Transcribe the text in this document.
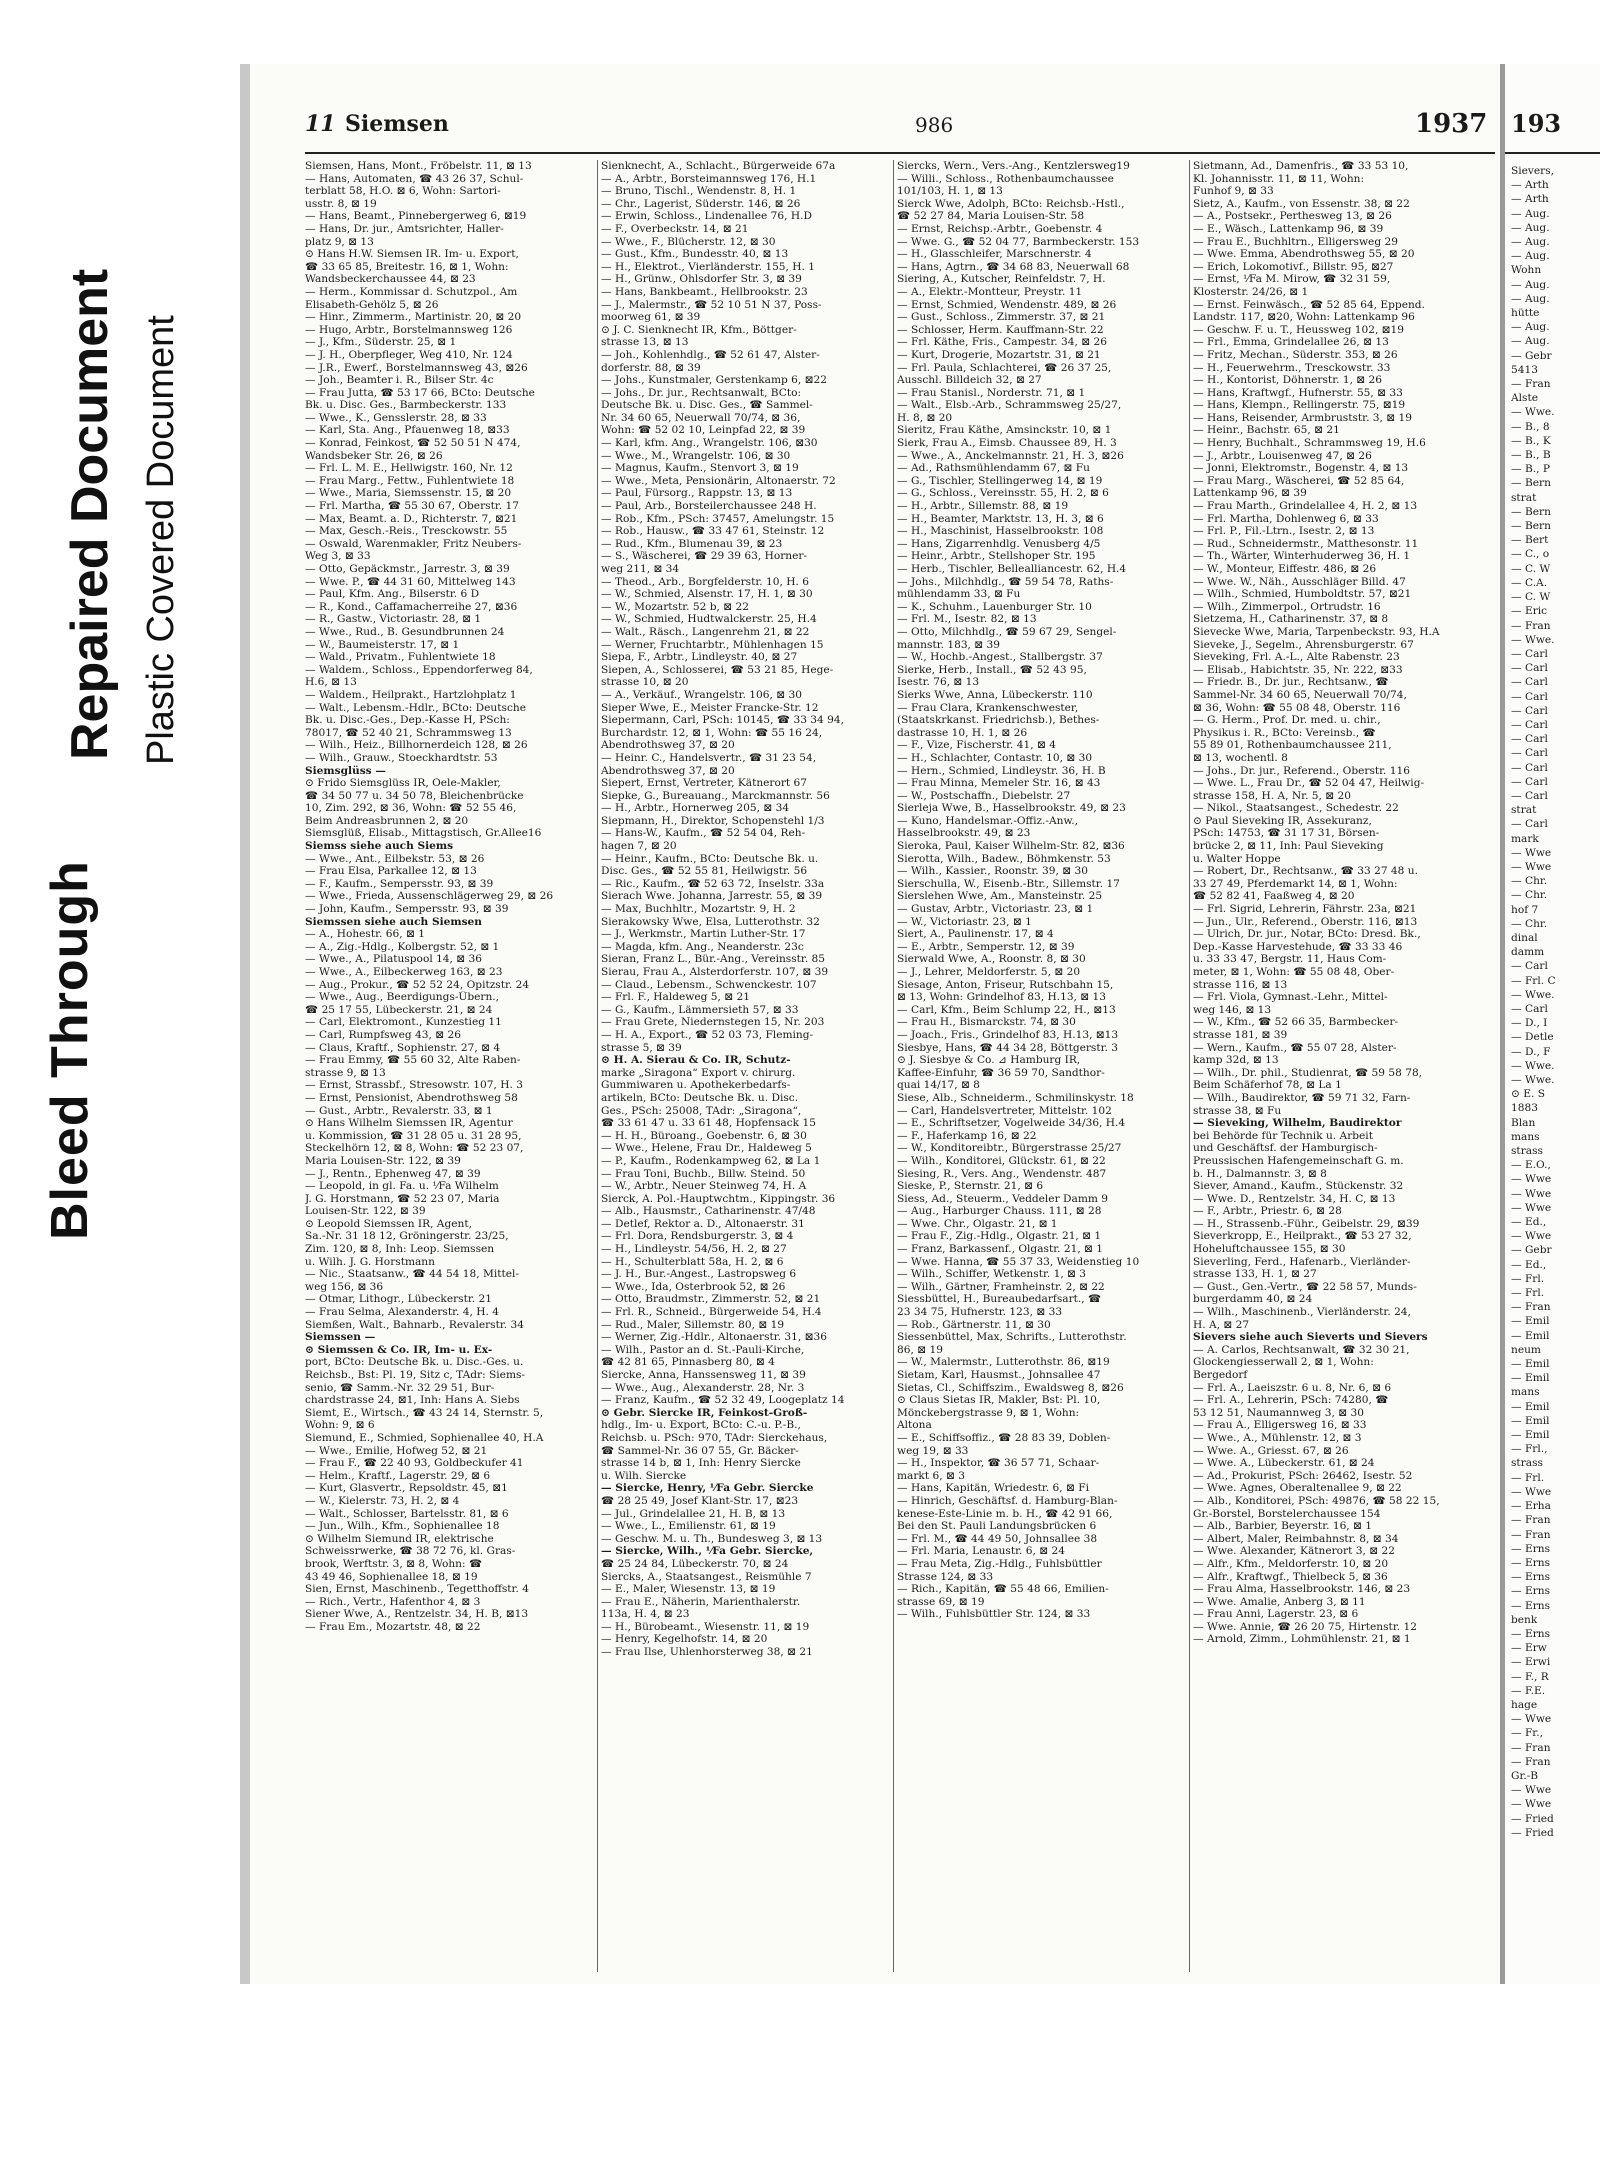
Bleed Through
Repaired Document Plastic Covered Document
11 Siemsen	986	1937
Siemsen, Hans, Mont., Fröbelstr. 11, ⊠ 13
— Hans, Automaten, ☎ 43 26 37, Schul-
terblatt 58, H.O. ⊠ 6, Wohn: Sartori-
usstr. 8, ⊠ 19
— Hans, Beamt., Pinnebergerweg 6, ⊠19
— Hans, Dr. jur., Amtsrichter, Haller-
platz 9, ⊠ 13
⊙ Hans H.W. Siemsen IR. Im- u. Export,
☎ 33 65 85, Breitestr. 16, ⊠ 1, Wohn:
Wandsbeckerchaussee 44, ⊠ 23
— Herm., Kommissar d. Schutzpol., Am
Elisabeth-Gehölz 5, ⊠ 26
— Hinr., Zimmerm., Martinistr. 20, ⊠ 20
— Hugo, Arbtr., Borstelmannsweg 126
— J., Kfm., Süderstr. 25, ⊠ 1
— J. H., Oberpfleger, Weg 410, Nr. 124
— J.R., Ewerf., Borstelmannsweg 43, ⊠26
— Joh., Beamter i. R., Bilser Str. 4c
— Frau Jutta, ☎ 53 17 66, BCto: Deutsche
Bk. u. Disc. Ges., Barmbeckerstr. 133
— Wwe., K., Gensslerstr. 28, ⊠ 33
— Karl, Sta. Ang., Pfauenweg 18, ⊠33
— Konrad, Feinkost, ☎ 52 50 51 N 474,
Wandsbeker Str. 26, ⊠ 26
— Frl. L. M. E., Hellwigstr. 160, Nr. 12
— Frau Marg., Fettw., Fuhlentwiete 18
— Wwe., Maria, Siemssenstr. 15, ⊠ 20
— Frl. Martha, ☎ 55 30 67, Oberstr. 17
— Max, Beamt. a. D., Richterstr. 7, ⊠21
— Max, Gesch.-Reis., Tresckowstr. 55
— Oswald, Warenmakler, Fritz Neubers-
Weg 3, ⊠ 33
— Otto, Gepäckmstr., Jarrestr. 3, ⊠ 39
— Wwe. P., ☎ 44 31 60, Mittelweg 143
— Paul, Kfm. Ang., Bilserstr. 6 D
— R., Kond., Caffamacherreihe 27, ⊠36
— R., Gastw., Victoriastr. 28, ⊠ 1
— Wwe., Rud., B. Gesundbrunnen 24
— W., Baumeisterstr. 17, ⊠ 1
— Wald., Privatm., Fuhlentwiete 18
— Waldem., Schloss., Eppendorferweg 84,
H.6, ⊠ 13
— Waldem., Heilprakt., Hartzlohplatz 1
— Walt., Lebensm.-Hdlr., BCto: Deutsche
Bk. u. Disc.-Ges., Dep.-Kasse H, PSch:
78017, ☎ 52 40 21, Schrammsweg 13
— Wilh., Heiz., Billhornerdeich 128, ⊠ 26
— Wilh., Grauw., Stoeckhardtstr. 53
Siemsglüss —
⊙ Frido Siemsglüss IR, Oele-Makler,
☎ 34 50 77 u. 34 50 78, Bleichenbrücke
10, Zim. 292, ⊠ 36, Wohn: ☎ 52 55 46,
Beim Andreasbrunnen 2, ⊠ 20
Siemsglüß, Elisab., Mittagstisch, Gr.Allee16
Siemss siehe auch Siems
— Wwe., Ant., Eilbekstr. 53, ⊠ 26
— Frau Elsa, Parkallee 12, ⊠ 13
— F., Kaufm., Sempersstr. 93, ⊠ 39
— Wwe., Frieda, Aussenschlägerweg 29, ⊠ 26
— John, Kaufm., Sempersstr. 93, ⊠ 39
Siemssen siehe auch Siemsen
— A., Hohestr. 66, ⊠ 1
— A., Zig.-Hdlg., Kolbergstr. 52, ⊠ 1
— Wwe., A., Pilatuspool 14, ⊠ 36
— Wwe., A., Eilbeckerweg 163, ⊠ 23
— Aug., Prokur., ☎ 52 52 24, Opitzstr. 24
— Wwe., Aug., Beerdigungs-Übern.,
☎ 25 17 55, Lübeckerstr. 21, ⊠ 24
— Carl, Elektromont., Kunzestieg 11
— Carl, Rumpfsweg 43, ⊠ 26
— Claus, Kraftf., Sophienstr. 27, ⊠ 4
— Frau Emmy, ☎ 55 60 32, Alte Raben-
strasse 9, ⊠ 13
— Ernst, Strassbf., Stresowstr. 107, H. 3
— Ernst, Pensionist, Abendrothsweg 58
— Gust., Arbtr., Revalerstr. 33, ⊠ 1
⊙ Hans Wilhelm Siemssen IR, Agentur
u. Kommission, ☎ 31 28 05 u. 31 28 95,
Steckelhörn 12, ⊠ 8, Wohn: ☎ 52 23 07,
Maria Louisen-Str. 122, ⊠ 39
— J., Rentn., Ephenweg 47, ⊠ 39
— Leopold, in gl. Fa. u. ⅟Fa Wilhelm
J. G. Horstmann, ☎ 52 23 07, Maria
Louisen-Str. 122, ⊠ 39
⊙ Leopold Siemssen IR, Agent,
Sa.-Nr. 31 18 12, Gröningerstr. 23/25,
Zim. 120, ⊠ 8, Inh: Leop. Siemssen
u. Wilh. J. G. Horstmann
— Nic., Staatsanw., ☎ 44 54 18, Mittel-
weg 156, ⊠ 36
— Otmar, Lithogr., Lübeckerstr. 21
— Frau Selma, Alexanderstr. 4, H. 4
Siemßen, Walt., Bahnarb., Revalerstr. 34
Siemssen —
⊙ Siemssen & Co. IR, Im- u. Ex-
port, BCto: Deutsche Bk. u. Disc.-Ges. u.
Reichsb., Bst: Pl. 19, Sitz c, TAdr: Siems-
senio, ☎ Samm.-Nr. 32 29 51, Bur-
chardstrasse 24, ⊠1, Inh: Hans A. Siebs
Siemt, E., Wirtsch., ☎ 43 24 14, Sternstr. 5,
Wohn: 9, ⊠ 6
Siemund, E., Schmied, Sophienallee 40, H.A
— Wwe., Emilie, Hofweg 52, ⊠ 21
— Frau F., ☎ 22 40 93, Goldbeckufer 41
— Helm., Kraftf., Lagerstr. 29, ⊠ 6
— Kurt, Glasvertr., Repsoldstr. 45, ⊠1
— W., Kielerstr. 73, H. 2, ⊠ 4
— Walt., Schlosser, Bartelsstr. 81, ⊠ 6
— Jun., Wilh., Kfm., Sophienallee 18
⊙ Wilhelm Siemund IR, elektrische
Schweissrwerke, ☎ 38 72 76, kl. Gras-
brook, Werftstr. 3, ⊠ 8, Wohn: ☎
43 49 46, Sophienallee 18, ⊠ 19
Sien, Ernst, Maschinenb., Tegetthoffstr. 4
— Rich., Vertr., Hafenthor 4, ⊠ 3
Siener Wwe, A., Rentzelstr. 34, H. B, ⊠13
— Frau Em., Mozartstr. 48, ⊠ 22
Sienknecht, A., Schlacht., Bürgerweide 67a
— A., Arbtr., Borsteimannsweg 176, H.1
— Bruno, Tischl., Wendenstr. 8, H. 1
— Chr., Lagerist, Süderstr. 146, ⊠ 26
— Erwin, Schloss., Lindenallee 76, H.D
— F., Overbeckstr. 14, ⊠ 21
— Wwe., F., Blücherstr. 12, ⊠ 30
— Gust., Kfm., Bundesstr. 40, ⊠ 13
— H., Elektrot., Vierländerstr. 155, H. 1
— H., Grünw., Ohlsdorfer Str. 3, ⊠ 39
— Hans, Bankbeamt., Hellbrookstr. 23
— J., Malermstr., ☎ 52 10 51 N 37, Poss-
moorweg 61, ⊠ 39
⊙ J. C. Sienknecht IR, Kfm., Böttger-
strasse 13, ⊠ 13
— Joh., Kohlenhdlg., ☎ 52 61 47, Alster-
dorferstr. 88, ⊠ 39
— Johs., Kunstmaler, Gerstenkamp 6, ⊠22
— Johs., Dr. jur., Rechtsanwalt, BCto:
Deutsche Bk. u. Disc. Ges., ☎ Sammel-
Nr. 34 60 65, Neuerwall 70/74, ⊠ 36,
Wohn: ☎ 52 02 10, Leinpfad 22, ⊠ 39
— Karl, kfm. Ang., Wrangelstr. 106, ⊠30
— Wwe., M., Wrangelstr. 106, ⊠ 30
— Magnus, Kaufm., Stenvort 3, ⊠ 19
— Wwe., Meta, Pensionärin, Altonaerstr. 72
— Paul, Fürsorg., Rappstr. 13, ⊠ 13
— Paul, Arb., Borsteilerchaussee 248 H.
— Rob., Kfm., PSch: 37457, Amelungstr. 15
— Rob., Hausw., ☎ 33 47 61, Steinstr. 12
— Rud., Kfm., Blumenau 39, ⊠ 23
— S., Wäscherei, ☎ 29 39 63, Horner-
weg 211, ⊠ 34
— Theod., Arb., Borgfelderstr. 10, H. 6
— W., Schmied, Alsenstr. 17, H. 1, ⊠ 30
— W., Mozartstr. 52 b, ⊠ 22
— W., Schmied, Hudtwalckerstr. 25, H.4
— Walt., Räsch., Langenrehm 21, ⊠ 22
— Werner, Fruchtarbtr., Mühlenhagen 15
Siepa, F., Arbtr., Lindleystr. 40, ⊠ 27
Siepen, A., Schlosserei, ☎ 53 21 85, Hege-
strasse 10, ⊠ 20
— A., Verkäuf., Wrangelstr. 106, ⊠ 30
Sieper Wwe, E., Meister Francke-Str. 12
Siepermann, Carl, PSch: 10145, ☎ 33 34 94,
Burchardstr. 12, ⊠ 1, Wohn: ☎ 55 16 24,
Abendrothsweg 37, ⊠ 20
— Heinr. C., Handelsvertr., ☎ 31 23 54,
Abendrothsweg 37, ⊠ 20
Siepert, Ernst, Vertreter, Kätnerort 67
Siepke, G., Bureauang., Marckmannstr. 56
— H., Arbtr., Hornerweg 205, ⊠ 34
Siepmann, H., Direktor, Schopenstehl 1/3
— Hans-W., Kaufm., ☎ 52 54 04, Reh-
hagen 7, ⊠ 20
— Heinr., Kaufm., BCto: Deutsche Bk. u.
Disc. Ges., ☎ 52 55 81, Heilwigstr. 56
— Ric., Kaufm., ☎ 52 63 72, Inselstr. 33a
Sierach Wwe. Johanna, Jarrestr. 55, ⊠ 39
— Max, Buchhltr., Mozartstr. 9, H. 2
Sierakowsky Wwe, Elsa, Lutterothstr. 32
— J., Werkmstr., Martin Luther-Str. 17
— Magda, kfm. Ang., Neanderstr. 23c
Sieran, Franz L., Bür.-Ang., Vereinsstr. 85
Sierau, Frau A., Alsterdorferstr. 107, ⊠ 39
— Claud., Lebensm., Schwenckestr. 107
— Frl. F., Haldeweg 5, ⊠ 21
— G., Kaufm., Lämmersieth 57, ⊠ 33
— Frau Grete, Niedernstegen 15, Nr. 203
— H. A., Export., ☎ 52 03 73, Fleming-
strasse 5, ⊠ 39
⊙ H. A. Sierau & Co. IR, Schutz-
marke „Siragona“ Export v. chirurg.
Gummiwaren u. Apothekerbedarfs-
artikeln, BCto: Deutsche Bk. u. Disc.
Ges., PSch: 25008, TAdr: „Siragona“,
☎ 33 61 47 u. 33 61 48, Hopfensack 15
— H. H., Büroang., Goebenstr. 6, ⊠ 30
— Wwe., Helene, Frau Dr., Haldeweg 5
— P., Kaufm., Rodenkampweg 62, ⊠ La 1
— Frau Toni, Buchb., Billw. Steind. 50
— W., Arbtr., Neuer Steinweg 74, H. A
Sierck, A. Pol.-Hauptwchtm., Kippingstr. 36
— Alb., Hausmstr., Catharinenstr. 47/48
— Detlef, Rektor a. D., Altonaerstr. 31
— Frl. Dora, Rendsburgerstr. 3, ⊠ 4
— H., Lindleystr. 54/56, H. 2, ⊠ 27
— H., Schulterblatt 58a, H. 2, ⊠ 6
— J. H., Bur.-Angest., Lastropsweg 6
— Wwe., Ida, Osterbrook 52, ⊠ 26
— Otto, Braudmstr., Zimmerstr. 52, ⊠ 21
— Frl. R., Schneid., Bürgerweide 54, H.4
— Rud., Maler, Sillemstr. 80, ⊠ 19
— Werner, Zig.-Hdlr., Altonaerstr. 31, ⊠36
— Wilh., Pastor an d. St.-Pauli-Kirche,
☎ 42 81 65, Pinnasberg 80, ⊠ 4
Siercke, Anna, Hanssensweg 11, ⊠ 39
— Wwe., Aug., Alexanderstr. 28, Nr. 3
— Franz, Kaufm., ☎ 52 32 49, Loogeplatz 14
⊙ Gebr. Siercke IR, Feinkost-Groß-
hdlg., Im- u. Export, BCto: C.-u. P.-B.,
Reichsb. u. PSch: 970, TAdr: Sierckehaus,
☎ Sammel-Nr. 36 07 55, Gr. Bäcker-
strasse 14 b, ⊠ 1, Inh: Henry Siercke
u. Wilh. Siercke
— Siercke, Henry, ⅟Fa Gebr. Siercke
☎ 28 25 49, Josef Klant-Str. 17, ⊠23
— Jul., Grindelallee 21, H. B, ⊠ 13
— Wwe., L., Emilienstr. 61, ⊠ 19
— Geschw. M. u. Th., Bundesweg 3, ⊠ 13
— Siercke, Wilh., ⅟Fa Gebr. Siercke,
☎ 25 24 84, Lübeckerstr. 70, ⊠ 24
Siercks, A., Staatsangest., Reismühle 7
— E., Maler, Wiesenstr. 13, ⊠ 19
— Frau E., Näherin, Marienthalerstr.
113a, H. 4, ⊠ 23
— H., Bürobeamt., Wiesenstr. 11, ⊠ 19
— Henry, Kegelhofstr. 14, ⊠ 20
— Frau Ilse, Uhlenhorsterweg 38, ⊠ 21
Siercks, Wern., Vers.-Ang., Kentzlersweg19
— Willi., Schloss., Rothenbaumchaussee
101/103, H. 1, ⊠ 13
Sierck Wwe, Adolph, BCto: Reichsb.-Hstl.,
☎ 52 27 84, Maria Louisen-Str. 58
— Ernst, Reichsp.-Arbtr., Goebenstr. 4
— Wwe. G., ☎ 52 04 77, Barmbeckerstr. 153
— H., Glasschleifer, Marschnerstr. 4
— Hans, Agtrn., ☎ 34 68 83, Neuerwall 68
Siering, A., Kutscher, Reinfeldstr. 7, H.
— A., Elektr.-Montteur, Preystr. 11
— Ernst, Schmied, Wendenstr. 489, ⊠ 26
— Gust., Schloss., Zimmerstr. 37, ⊠ 21
— Schlosser, Herm. Kauffmann-Str. 22
— Frl. Käthe, Fris., Campestr. 34, ⊠ 26
— Kurt, Drogerie, Mozartstr. 31, ⊠ 21
— Frl. Paula, Schlachterei, ☎ 26 37 25,
Ausschl. Billdeich 32, ⊠ 27
— Frau Stanisl., Norderstr. 71, ⊠ 1
— Walt., Elsb.-Arb., Schrammsweg 25/27,
H. 8, ⊠ 20
Sieritz, Frau Käthe, Amsinckstr. 10, ⊠ 1
Sierk, Frau A., Eimsb. Chaussee 89, H. 3
— Wwe., A., Anckelmannstr. 21, H. 3, ⊠26
— Ad., Rathsmühlendamm 67, ⊠ Fu
— G., Tischler, Stellingerweg 14, ⊠ 19
— G., Schloss., Vereinsstr. 55, H. 2, ⊠ 6
— H., Arbtr., Sillemstr. 88, ⊠ 19
— H., Beamter, Marktstr. 13, H. 3, ⊠ 6
— H., Maschinist, Hasselbrookstr. 108
— Hans, Zigarrenhdlg. Venusberg 4/5
— Heinr., Arbtr., Stellshoper Str. 195
— Herb., Tischler, Bellealliancestr. 62, H.4
— Johs., Milchhdlg., ☎ 59 54 78, Raths-
mühlendamm 33, ⊠ Fu
— K., Schuhm., Lauenburger Str. 10
— Frl. M., Isestr. 82, ⊠ 13
— Otto, Milchhdlg., ☎ 59 67 29, Sengel-
mannstr. 183, ⊠ 39
— W., Hochb.-Angest., Stallbergstr. 37
Sierke, Herb., Install., ☎ 52 43 95,
Isestr. 76, ⊠ 13
Sierks Wwe, Anna, Lübeckerstr. 110
— Frau Clara, Krankenschwester,
(Staatskrkanst. Friedrichsb.), Bethes-
dastrasse 10, H. 1, ⊠ 26
— F., Vize, Fischerstr. 41, ⊠ 4
— H., Schlachter, Contastr. 10, ⊠ 30
— Hern., Schmied, Lindleystr. 36, H. B
— Frau Minna, Memeler Str. 16, ⊠ 43
— W., Postschaffn., Diebelstr. 27
Sierleja Wwe, B., Hasselbrookstr. 49, ⊠ 23
— Kuno, Handelsmar.-Offiz.-Anw.,
Hasselbrookstr. 49, ⊠ 23
Sieroka, Paul, Kaiser Wilhelm-Str. 82, ⊠36
Sierotta, Wilh., Badew., Böhmkenstr. 53
— Wilh., Kassier., Roonstr. 39, ⊠ 30
Sierschulla, W., Eisenb.-Btr., Sillemstr. 17
Sierslehen Wwe, Am., Mansteinstr. 25
— Gustav, Arbtr., Victoriastr. 23, ⊠ 1
— W., Victoriastr. 23, ⊠ 1
Siert, A., Paulinenstr. 17, ⊠ 4
— E., Arbtr., Semperstr. 12, ⊠ 39
Sierwald Wwe, A., Roonstr. 8, ⊠ 30
— J., Lehrer, Meldorferstr. 5, ⊠ 20
Siesage, Anton, Friseur, Rutschbahn 15,
⊠ 13, Wohn: Grindelhof 83, H.13, ⊠ 13
— Carl, Kfm., Beim Schlump 22, H., ⊠13
— Frau H., Bismarckstr. 74, ⊠ 30
— Joach., Fris., Grindelhof 83, H.13, ⊠13
Siesbye, Hans, ☎ 44 34 28, Böttgerstr. 3
⊙ J. Siesbye & Co. ⊿ Hamburg IR,
Kaffee-Einfuhr, ☎ 36 59 70, Sandthor-
quai 14/17, ⊠ 8
Siese, Alb., Schneiderm., Schmilinskystr. 18
— Carl, Handelsvertreter, Mittelstr. 102
— E., Schriftsetzer, Vogelweide 34/36, H.4
— F., Haferkamp 16, ⊠ 22
— W., Konditoreibtr., Bürgerstrasse 25/27
— Wilh., Konditorei, Glückstr. 61, ⊠ 22
Siesing, R., Vers. Ang., Wendenstr. 487
Sieske, P., Sternstr. 21, ⊠ 6
Siess, Ad., Steuerm., Veddeler Damm 9
— Aug., Harburger Chauss. 111, ⊠ 28
— Wwe. Chr., Olgastr. 21, ⊠ 1
— Frau F., Zig.-Hdlg., Olgastr. 21, ⊠ 1
— Franz, Barkassenf., Olgastr. 21, ⊠ 1
— Wwe. Hanna, ☎ 55 37 33, Weidenstieg 10
— Wilh., Schiffer, Wetkenstr. 1, ⊠ 3
— Wilh., Gärtner, Framheinstr. 2, ⊠ 22
Siessbüttel, H., Bureaubedarfsart., ☎
23 34 75, Hufnerstr. 123, ⊠ 33
— Rob., Gärtnerstr. 11, ⊠ 30
Siessenbüttel, Max, Schrifts., Lutterothstr.
86, ⊠ 19
— W., Malermstr., Lutterothstr. 86, ⊠19
Sietam, Karl, Hausmst., Johnsallee 47
Sietas, Cl., Schiffszim., Ewaldsweg 8, ⊠26
⊙ Claus Sietas IR, Makler, Bst: Pl. 10,
Mönckebergstrasse 9, ⊠ 1, Wohn:
Altona
— E., Schiffsoffiz., ☎ 28 83 39, Doblen-
weg 19, ⊠ 33
— H., Inspektor, ☎ 36 57 71, Schaar-
markt 6, ⊠ 3
— Hans, Kapitän, Wriedestr. 6, ⊠ Fi
— Hinrich, Geschäftsf. d. Hamburg-Blan-
kenese-Este-Linie m. b. H., ☎ 42 91 66,
Bei den St. Pauli Landungsbrücken 6
— Frl. M., ☎ 44 49 50, Johnsallee 38
— Frl. Maria, Lenaustr. 6, ⊠ 24
— Frau Meta, Zig.-Hdlg., Fuhlsbüttler
Strasse 124, ⊠ 33
— Rich., Kapitän, ☎ 55 48 66, Emilien-
strasse 69, ⊠ 19
— Wilh., Fuhlsbüttler Str. 124, ⊠ 33
Sietmann, Ad., Damenfris., ☎ 33 53 10,
Kl. Johannisstr. 11, ⊠ 11, Wohn:
Funhof 9, ⊠ 33
Sietz, A., Kaufm., von Essenstr. 38, ⊠ 22
— A., Postsekr., Perthesweg 13, ⊠ 26
— E., Wäsch., Lattenkamp 96, ⊠ 39
— Frau E., Buchhltrn., Elligersweg 29
— Wwe. Emma, Abendrothsweg 55, ⊠ 20
— Erich, Lokomotivf., Billstr. 95, ⊠27
— Ernst, ⅟Fa M. Mirow, ☎ 32 31 59,
Klosterstr. 24/26, ⊠ 1
— Ernst. Feinwäsch., ☎ 52 85 64, Eppend.
Landstr. 117, ⊠20, Wohn: Lattenkamp 96
— Geschw. F. u. T., Heussweg 102, ⊠19
— Frl., Emma, Grindelallee 26, ⊠ 13
— Fritz, Mechan., Süderstr. 353, ⊠ 26
— H., Feuerwehrm., Tresckowstr. 33
— H., Kontorist, Döhnerstr. 1, ⊠ 26
— Hans, Kraftwgf., Hufnerstr. 55, ⊠ 33
— Hans, Klempn., Rellingerstr. 75, ⊠19
— Hans, Reisender, Armbruststr. 3, ⊠ 19
— Heinr., Bachstr. 65, ⊠ 21
— Henry, Buchhalt., Schrammsweg 19, H.6
— J., Arbtr., Louisenweg 47, ⊠ 26
— Jonni, Elektromstr., Bogenstr. 4, ⊠ 13
— Frau Marg., Wäscherei, ☎ 52 85 64,
Lattenkamp 96, ⊠ 39
— Frau Marth., Grindelallee 4, H. 2, ⊠ 13
— Frl. Martha, Dohlenweg 6, ⊠ 33
— Frl. P., Fil.-Ltrn., Isestr. 2, ⊠ 13
— Rud., Schneidermstr., Matthesonstr. 11
— Th., Wärter, Winterhuderweg 36, H. 1
— W., Monteur, Eiffestr. 486, ⊠ 26
— Wwe. W., Näh., Ausschläger Billd. 47
— Wilh., Schmied, Humboldtstr. 57, ⊠21
— Wilh., Zimmerpol., Ortrudstr. 16
Sietzema, H., Catharinenstr. 37, ⊠ 8
Sievecke Wwe, Maria, Tarpenbeckstr. 93, H.A
Sieveke, J., Segelm., Ahrensburgerstr. 67
Sieveking, Frl. A.-L., Alte Rabenstr. 23
— Elisab., Habichtstr. 35, Nr. 222, ⊠33
— Friedr. B., Dr. jur., Rechtsanw., ☎
Sammel-Nr. 34 60 65, Neuerwall 70/74,
⊠ 36, Wohn: ☎ 55 08 48, Oberstr. 116
— G. Herm., Prof. Dr. med. u. chir.,
Physikus i. R., BCto: Vereinsb., ☎
55 89 01, Rothenbaumchaussee 211,
⊠ 13, wochentl. 8
— Johs., Dr. jur., Referend., Oberstr. 116
— Wwe. L., Frau Dr., ☎ 52 04 47, Heilwig-
strasse 158, H. A, Nr. 5, ⊠ 20
— Nikol., Staatsangest., Schedestr. 22
⊙ Paul Sieveking IR, Assekuranz,
PSch: 14753, ☎ 31 17 31, Börsen-
brücke 2, ⊠ 11, Inh: Paul Sieveking
u. Walter Hoppe
— Robert, Dr., Rechtsanw., ☎ 33 27 48 u.
33 27 49, Pferdemarkt 14, ⊠ 1, Wohn:
☎ 52 82 41, Faaßweg 4, ⊠ 20
— Frl. Sigrid, Lehrerin, Fährstr. 23a, ⊠21
— Jun., Ulr., Referend., Oberstr. 116, ⊠13
— Ulrich, Dr. jur., Notar, BCto: Dresd. Bk.,
Dep.-Kasse Harvestehude, ☎ 33 33 46
u. 33 33 47, Bergstr. 11, Haus Com-
meter, ⊠ 1, Wohn: ☎ 55 08 48, Ober-
strasse 116, ⊠ 13
— Frl. Viola, Gymnast.-Lehr., Mittel-
weg 146, ⊠ 13
— W., Kfm., ☎ 52 66 35, Barmbecker-
strasse 181, ⊠ 39
— Wern., Kaufm., ☎ 55 07 28, Alster-
kamp 32d, ⊠ 13
— Wilh., Dr. phil., Studienrat, ☎ 59 58 78,
Beim Schäferhof 78, ⊠ La 1
— Wilh., Baudirektor, ☎ 59 71 32, Farn-
strasse 38, ⊠ Fu
— Sieveking, Wilhelm, Baudirektor
bei Behörde für Technik u. Arbeit
und Geschäftsf. der Hamburgisch-
Preussischen Hafengemeinschaft G. m.
b. H., Dalmannstr. 3, ⊠ 8
Siever, Amand., Kaufm., Stückenstr. 32
— Wwe. D., Rentzelstr. 34, H. C, ⊠ 13
— F., Arbtr., Priestr. 6, ⊠ 28
— H., Strassenb.-Führ., Geibelstr. 29, ⊠39
Sieverkropp, E., Heilprakt., ☎ 53 27 32,
Hoheluftchaussee 155, ⊠ 30
Sieverling, Ferd., Hafenarb., Vierländer-
strasse 133, H. 1, ⊠ 27
— Gust., Gen.-Vertr., ☎ 22 58 57, Munds-
burgerdamm 40, ⊠ 24
— Wilh., Maschinenb., Vierländerstr. 24,
H. A, ⊠ 27
Sievers siehe auch Sieverts und Sievers
— A. Carlos, Rechtsanwalt, ☎ 32 30 21,
Glockengiesserwall 2, ⊠ 1, Wohn:
Bergedorf
— Frl. A., Laeiszstr. 6 u. 8, Nr. 6, ⊠ 6
— Frl. A., Lehrerin, PSch: 74280, ☎
53 12 51, Naumannweg 3, ⊠ 30
— Frau A., Elligersweg 16, ⊠ 33
— Wwe., A., Mühlenstr. 12, ⊠ 3
— Wwe. A., Griesst. 67, ⊠ 26
— Wwe. A., Lübeckerstr. 61, ⊠ 24
— Ad., Prokurist, PSch: 26462, Isestr. 52
— Wwe. Agnes, Oberaltenallee 9, ⊠ 22
— Alb., Konditorei, PSch: 49876, ☎ 58 22 15,
Gr.-Borstel, Borstelerchaussee 154
— Alb., Barbier, Beyerstr. 16, ⊠ 1
— Albert, Maler, Reimbahnstr. 8, ⊠ 34
— Wwe. Alexander, Kätnerort 3, ⊠ 22
— Alfr., Kfm., Meldorferstr. 10, ⊠ 20
— Alfr., Kraftwgf., Thielbeck 5, ⊠ 36
— Frau Alma, Hasselbrookstr. 146, ⊠ 23
— Wwe. Amalie, Anberg 3, ⊠ 11
— Frau Anni, Lagerstr. 23, ⊠ 6
— Wwe. Annie, ☎ 26 20 75, Hirtenstr. 12
— Arnold, Zimm., Lohmühlenstr. 21, ⊠ 1
193
Sievers,
— Arth
— Arth
— Aug.
— Aug.
— Aug.
— Aug.
Wohn
— Aug.
— Aug.
hütte
— Aug.
— Aug.
— Gebr
5413
— Fran
Alste
— Wwe.
— B., 8
— B., K
— B., B
— B., P
— Bern
strat
— Bern
— Bern
— Bert
— C., o
— C. W
— C.A.
— C. W
— Eric
— Fran
— Wwe.
— Carl
— Carl
— Carl
— Carl
— Carl
— Carl
— Carl
— Carl
— Carl
— Carl
— Carl
strat
— Carl
mark
— Wwe
— Wwe
— Chr.
— Chr.
hof 7
— Chr.
dinal
damm
— Carl
— Frl. C
— Wwe.
— Carl
— D., I
— Detle
— D., F
— Wwe.
— Wwe.
⊙ E. S
1883
Blan
mans
strass
— E.O.,
— Wwe
— Wwe
— Wwe
— Ed.,
— Wwe
— Gebr
— Ed.,
— Frl.
— Frl.
— Fran
— Emil
— Emil
neum
— Emil
— Emil
mans
— Emil
— Emil
— Emil
— Frl.,
strass
— Frl.
— Wwe
— Erha
— Fran
— Fran
— Erns
— Erns
— Erns
— Erns
— Erns
benk
— Erns
— Erw
— Erwi
— F., R
— F.E.
hage
— Wwe
— Fr.,
— Fran
— Fran
Gr.-B
— Wwe
— Wwe
— Fried
— Fried
